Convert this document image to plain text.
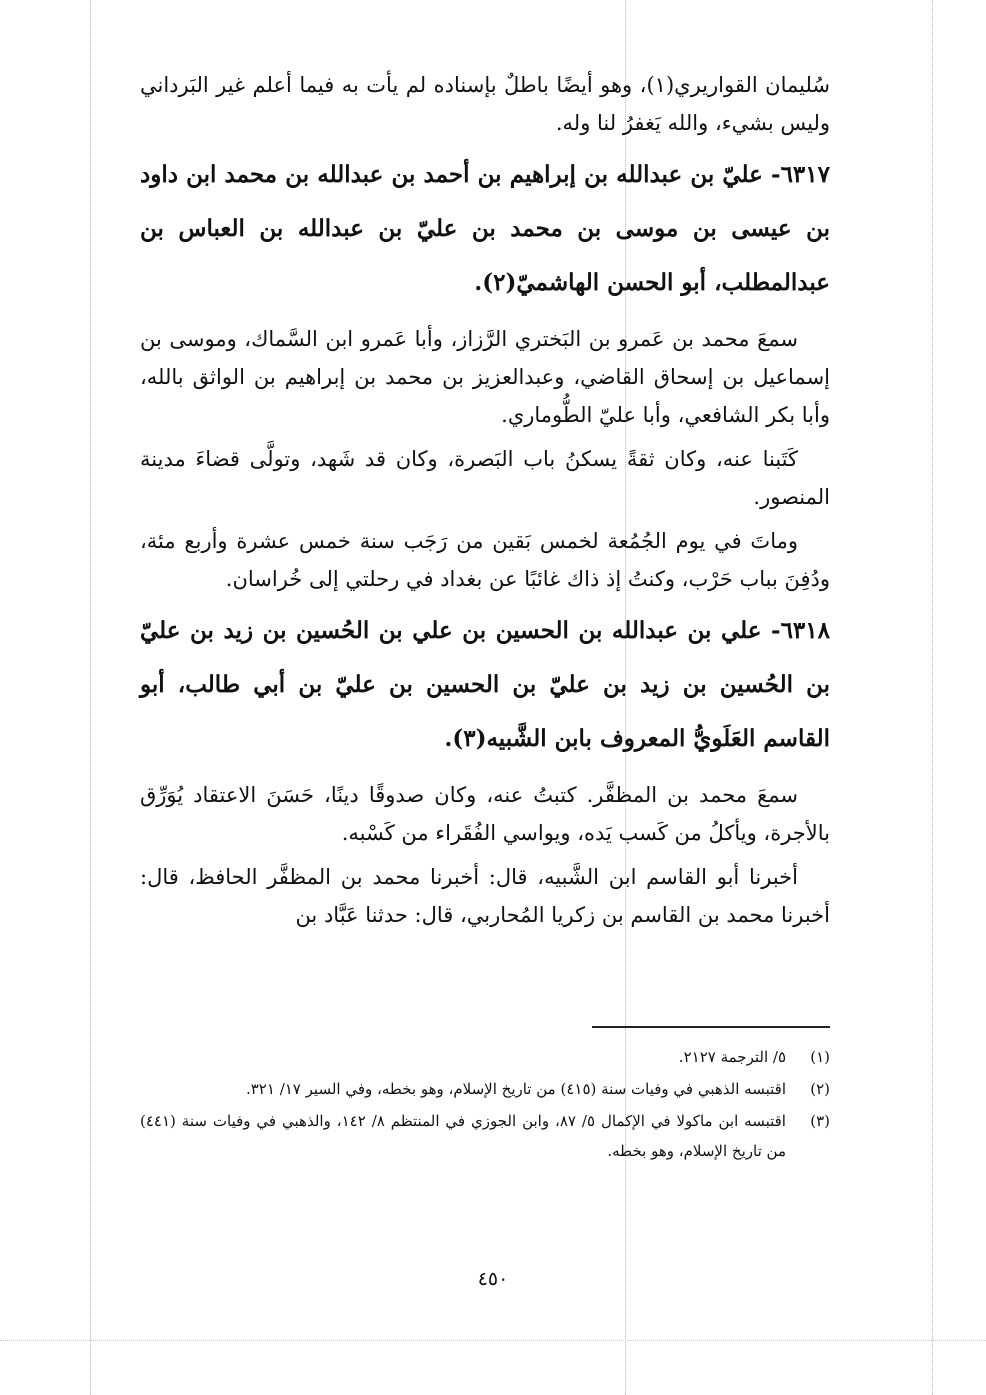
سُليمان القواريري(١)، وهو أيضًا باطلٌ بإسناده لم يأت به فيما أعلم غير البَرداني وليس بشيء، والله يَغفرُ لنا وله.

٦٣١٧- عليّ بن عبدالله بن إبراهيم بن أحمد بن عبدالله بن محمد ابن داود بن عيسى بن موسى بن محمد بن عليّ بن عبدالله بن العباس بن عبدالمطلب، أبو الحسن الهاشميّ(٢).

سمعَ محمد بن عَمرو بن البَختري الرَّزاز، وأبا عَمرو ابن السَّماك، وموسى بن إسماعيل بن إسحاق القاضي، وعبدالعزيز بن محمد بن إبراهيم بن الواثق بالله، وأبا بكر الشافعي، وأبا عليّ الطُّوماري.

كَتَبنا عنه، وكان ثقةً يسكنُ باب البَصرة، وكان قد شَهد، وتولَّى قضاءَ مدينة المنصور.

وماتَ في يوم الجُمُعة لخمس بَقين من رَجَب سنة خمس عشرة وأربع مئة، ودُفِنَ بباب حَرْب، وكنتُ إذ ذاك غائبًا عن بغداد في رحلتي إلى خُراسان.

٦٣١٨- علي بن عبدالله بن الحسين بن علي بن الحُسين بن زيد بن عليّ بن الحُسين بن زيد بن عليّ بن الحسين بن عليّ بن أبي طالب، أبو القاسم العَلَويُّ المعروف بابن الشَّبيه(٣).

سمعَ محمد بن المظفَّر. كتبتُ عنه، وكان صدوقًا دينًا، حَسَنَ الاعتقاد يُوَرِّق بالأجرة، ويأكلُ من كَسب يَده، ويواسي الفُقَراء من كَسْبه.

أخبرنا أبو القاسم ابن الشَّبيه، قال: أخبرنا محمد بن المظفَّر الحافظ، قال: أخبرنا محمد بن القاسم بن زكريا المُحاربي، قال: حدثنا عَبَّاد بن

(١)
٥/ الترجمة ٢١٢٧.
(٢)
اقتبسه الذهبي في وفيات سنة (٤١٥) من تاريخ الإسلام، وهو بخطه، وفي السير ١٧/ ٣٢١.
(٣)
اقتبسه ابن ماكولا في الإكمال ٥/ ٨٧، وابن الجوزي في المنتظم ٨/ ١٤٢، والذهبي في وفيات سنة (٤٤١) من تاريخ الإسلام، وهو بخطه.
٤٥٠
